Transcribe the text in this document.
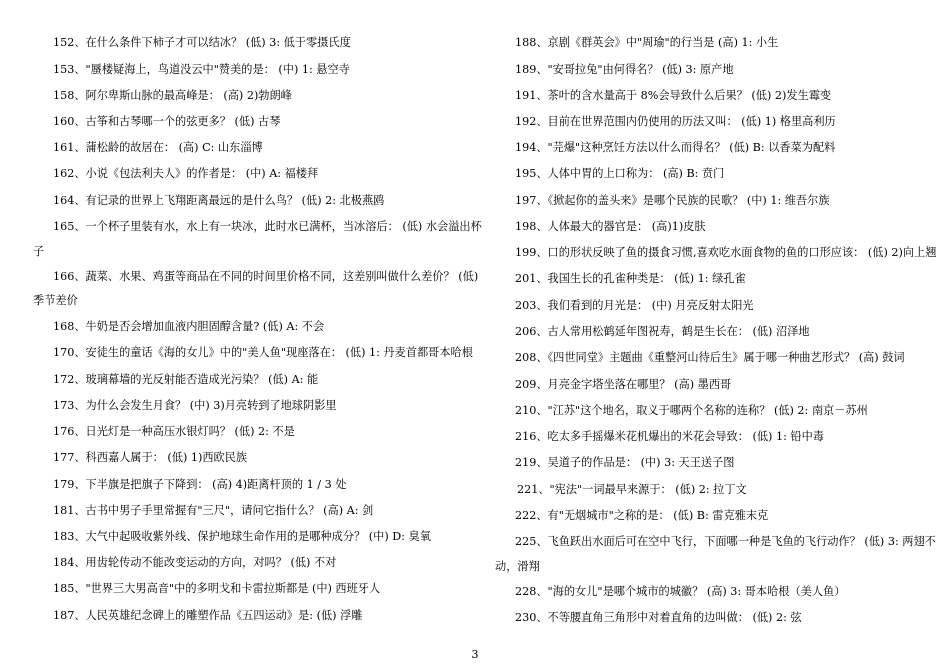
152、在什么条件下柿子才可以结冰？ (低) 3: 低于零摄氏度
153、"蜃楼疑海上，鸟道没云中"赞美的是： (中) 1: 悬空寺
158、阿尔卑斯山脉的最高峰是： (高) 2)勃朗峰
160、古筝和古琴哪一个的弦更多？ (低) 古琴
161、蒲松龄的故居在： (高) C: 山东淄博
162、小说《包法利夫人》的作者是： (中) A: 福楼拜
164、有记录的世界上飞翔距离最远的是什么鸟？ (低) 2: 北极燕鸥
165、一个杯子里装有水，水上有一块冰，此时水已满杯，当冰溶后： (低) 水会溢出杯
子
166、蔬菜、水果、鸡蛋等商品在不同的时间里价格不同，这差别叫做什么差价？ (低)
季节差价
168、牛奶是否会增加血液内胆固醇含量? (低) A: 不会
170、安徒生的童话《海的女儿》中的"美人鱼"现座落在： (低) 1: 丹麦首都哥本哈根
172、玻璃幕墙的光反射能否造成光污染？ (低) A: 能
173、为什么会发生月食？ (中) 3)月亮转到了地球阴影里
176、日光灯是一种高压水银灯吗？ (低) 2: 不是
177、科西嘉人属于： (低) 1)西欧民族
179、下半旗是把旗子下降到： (高) 4)距离杆顶的 1 / 3 处
181、古书中男子手里常握有"三尺"，请问它指什么？ (高) A: 剑
183、大气中起吸收紫外线、保护地球生命作用的是哪种成分？ (中) D: 臭氧
184、用齿轮传动不能改变运动的方向，对吗？ (低) 不对
185、"世界三大男高音"中的多明戈和卡雷拉斯都是 (中) 西班牙人
187、人民英雄纪念碑上的雕塑作品《五四运动》是: (低) 浮雕
188、京剧《群英会》中"周瑜"的行当是 (高) 1: 小生
189、"安哥拉兔"由何得名？ (低) 3: 原产地
191、茶叶的含水量高于 8%会导致什么后果？ (低) 2)发生霉变
192、目前在世界范围内仍使用的历法又叫： (低) 1) 格里高利历
194、"芫爆"这种烹饪方法以什么而得名？ (低) B: 以香菜为配料
195、人体中胃的上口称为： (高) B: 贲门
197、《掀起你的盖头来》是哪个民族的民歌？ (中) 1: 维吾尔族
198、人体最大的器官是： (高)1)皮肤
199、口的形状反映了鱼的摄食习惯,喜欢吃水面食物的鱼的口形应该： (低) 2)向上翘
201、我国生长的孔雀种类是： (低) 1: 绿孔雀
203、我们看到的月光是： (中) 月亮反射太阳光
206、古人常用松鹤延年图祝寿，鹤是生长在： (低) 沼泽地
208、《四世同堂》主题曲《重整河山待后生》属于哪一种曲艺形式？ (高) 鼓词
209、月亮金字塔坐落在哪里？ (高) 墨西哥
210、"江苏"这个地名，取义于哪两个名称的连称？ (低) 2: 南京－苏州
216、吃太多手摇爆米花机爆出的米花会导致： (低) 1: 铅中毒
219、吴道子的作品是： (中) 3: 天王送子图
221、"宪法"一词最早来源于： (低) 2: 拉丁文
222、有"无烟城市"之称的是： (低) B: 雷克雅末克
225、飞鱼跃出水面后可在空中飞行，下面哪一种是飞鱼的飞行动作？ (低) 3: 两翅不
动，滑翔
228、"海的女儿"是哪个城市的城徽？ (高) 3: 哥本哈根（美人鱼）
230、不等腰直角三角形中对着直角的边叫做： (低) 2: 弦
3
